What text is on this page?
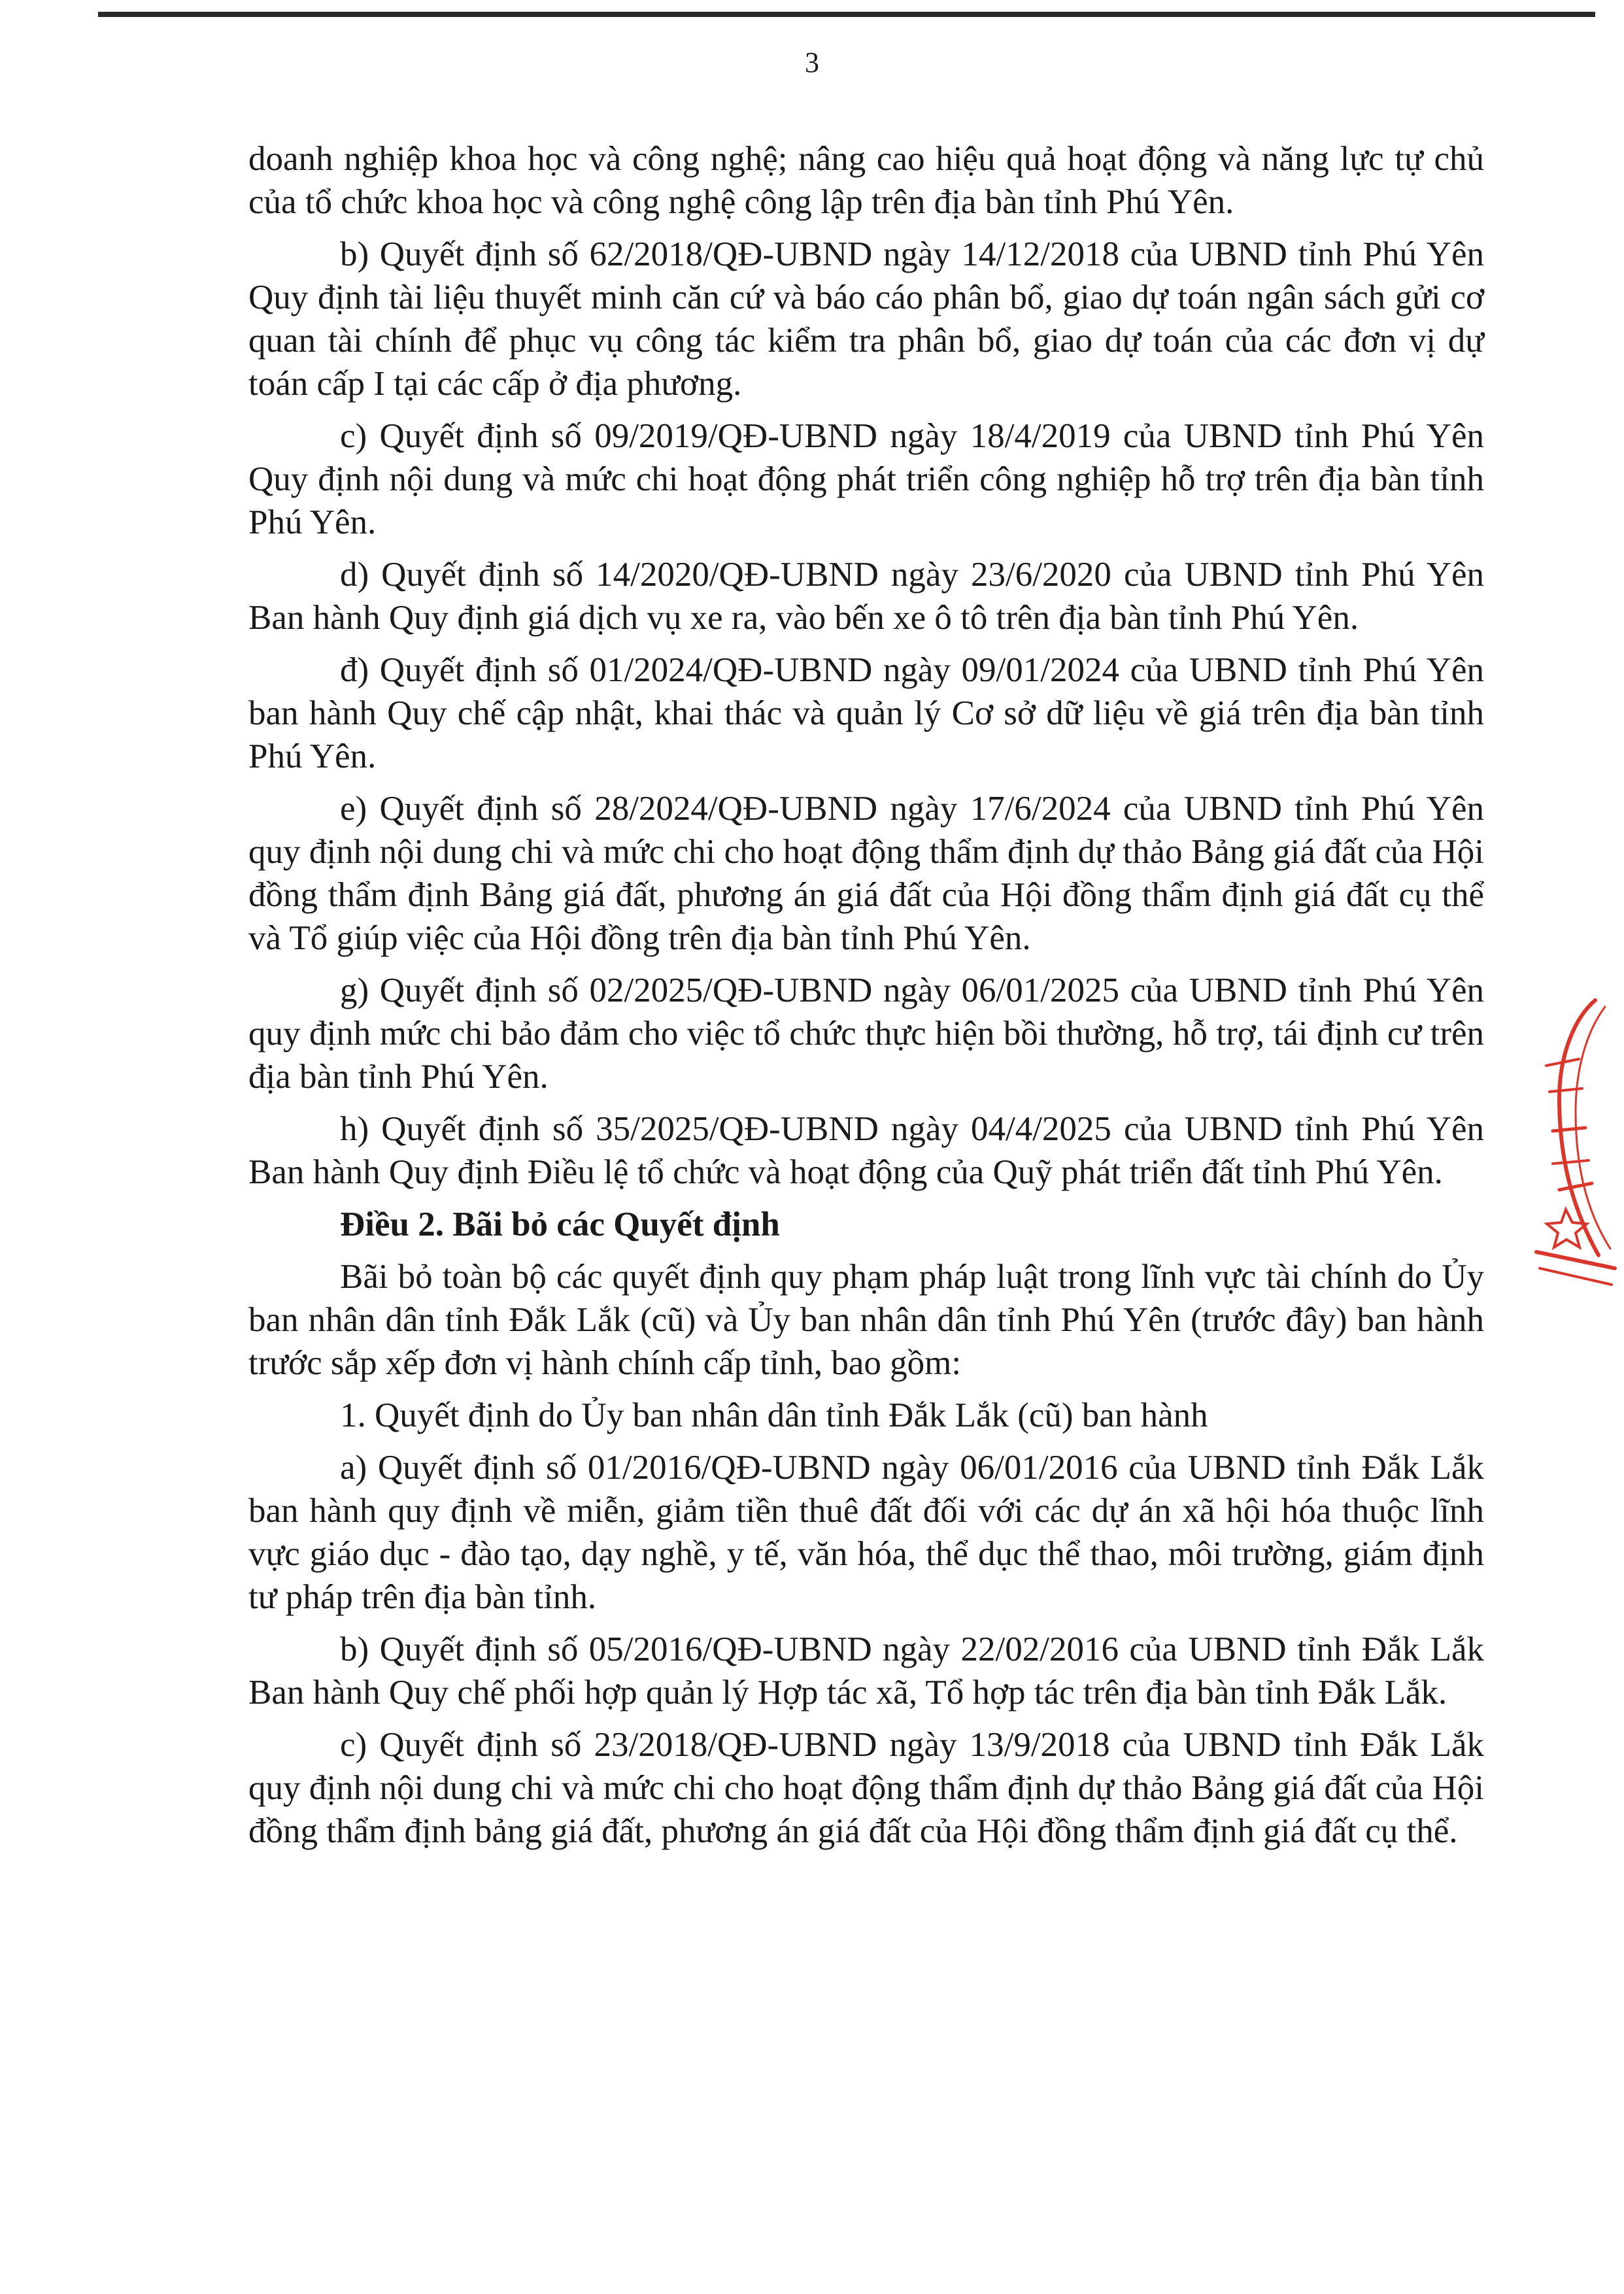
3

doanh nghiệp khoa học và công nghệ; nâng cao hiệu quả hoạt động và năng lực tự chủ của tổ chức khoa học và công nghệ công lập trên địa bàn tỉnh Phú Yên.

b) Quyết định số 62/2018/QĐ-UBND ngày 14/12/2018 của UBND tỉnh Phú Yên Quy định tài liệu thuyết minh căn cứ và báo cáo phân bổ, giao dự toán ngân sách gửi cơ quan tài chính để phục vụ công tác kiểm tra phân bổ, giao dự toán của các đơn vị dự toán cấp I tại các cấp ở địa phương.

c) Quyết định số 09/2019/QĐ-UBND ngày 18/4/2019 của UBND tỉnh Phú Yên Quy định nội dung và mức chi hoạt động phát triển công nghiệp hỗ trợ trên địa bàn tỉnh Phú Yên.

d) Quyết định số 14/2020/QĐ-UBND ngày 23/6/2020 của UBND tỉnh Phú Yên Ban hành Quy định giá dịch vụ xe ra, vào bến xe ô tô trên địa bàn tỉnh Phú Yên.

đ) Quyết định số 01/2024/QĐ-UBND ngày 09/01/2024 của UBND tỉnh Phú Yên ban hành Quy chế cập nhật, khai thác và quản lý Cơ sở dữ liệu về giá trên địa bàn tỉnh Phú Yên.

e) Quyết định số 28/2024/QĐ-UBND ngày 17/6/2024 của UBND tỉnh Phú Yên quy định nội dung chi và mức chi cho hoạt động thẩm định dự thảo Bảng giá đất của Hội đồng thẩm định Bảng giá đất, phương án giá đất của Hội đồng thẩm định giá đất cụ thể và Tổ giúp việc của Hội đồng trên địa bàn tỉnh Phú Yên.

g) Quyết định số 02/2025/QĐ-UBND ngày 06/01/2025 của UBND tỉnh Phú Yên quy định mức chi bảo đảm cho việc tổ chức thực hiện bồi thường, hỗ trợ, tái định cư trên địa bàn tỉnh Phú Yên.

h) Quyết định số 35/2025/QĐ-UBND ngày 04/4/2025 của UBND tỉnh Phú Yên Ban hành Quy định Điều lệ tổ chức và hoạt động của Quỹ phát triển đất tỉnh Phú Yên.

Điều 2. Bãi bỏ các Quyết định

Bãi bỏ toàn bộ các quyết định quy phạm pháp luật trong lĩnh vực tài chính do Ủy ban nhân dân tỉnh Đắk Lắk (cũ) và Ủy ban nhân dân tỉnh Phú Yên (trước đây) ban hành trước sắp xếp đơn vị hành chính cấp tỉnh, bao gồm:

1. Quyết định do Ủy ban nhân dân tỉnh Đắk Lắk (cũ) ban hành

a) Quyết định số 01/2016/QĐ-UBND ngày 06/01/2016 của UBND tỉnh Đắk Lắk ban hành quy định về miễn, giảm tiền thuê đất đối với các dự án xã hội hóa thuộc lĩnh vực giáo dục - đào tạo, dạy nghề, y tế, văn hóa, thể dục thể thao, môi trường, giám định tư pháp trên địa bàn tỉnh.

b) Quyết định số 05/2016/QĐ-UBND ngày 22/02/2016 của UBND tỉnh Đắk Lắk Ban hành Quy chế phối hợp quản lý Hợp tác xã, Tổ hợp tác trên địa bàn tỉnh Đắk Lắk.

c) Quyết định số 23/2018/QĐ-UBND ngày 13/9/2018 của UBND tỉnh Đắk Lắk quy định nội dung chi và mức chi cho hoạt động thẩm định dự thảo Bảng giá đất của Hội đồng thẩm định bảng giá đất, phương án giá đất của Hội đồng thẩm định giá đất cụ thể.
